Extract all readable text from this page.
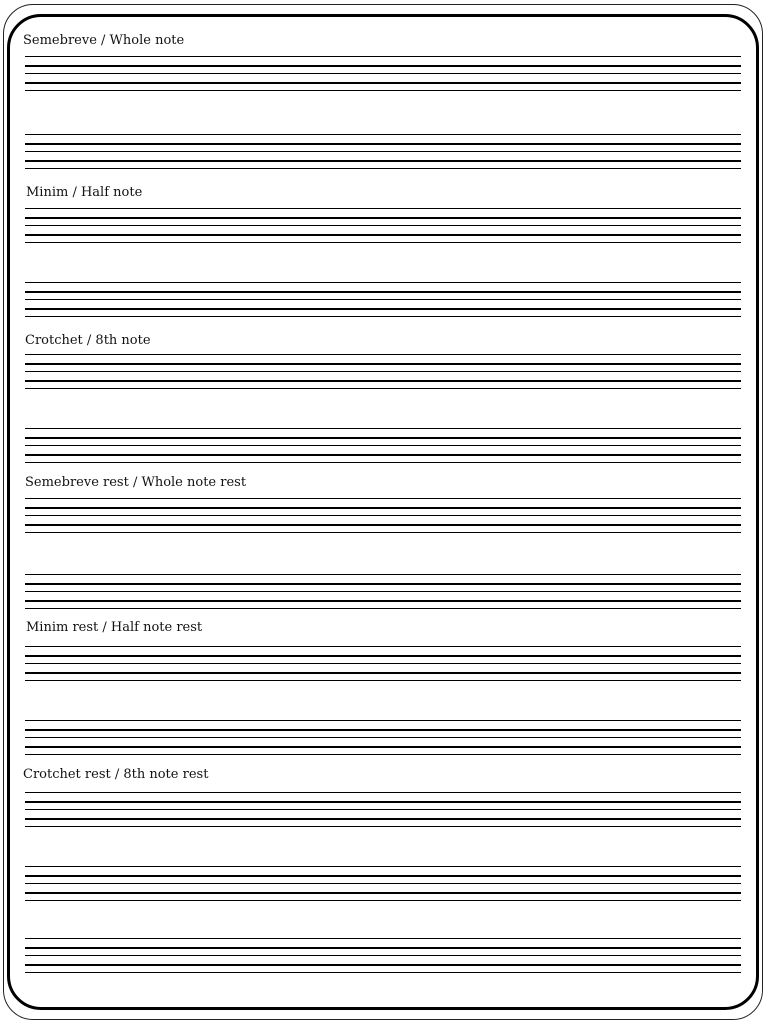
Semebreve / Whole note
Minim / Half note
Crotchet / 8th note
Semebreve rest / Whole note rest
Minim rest / Half note rest
Crotchet rest / 8th note rest
